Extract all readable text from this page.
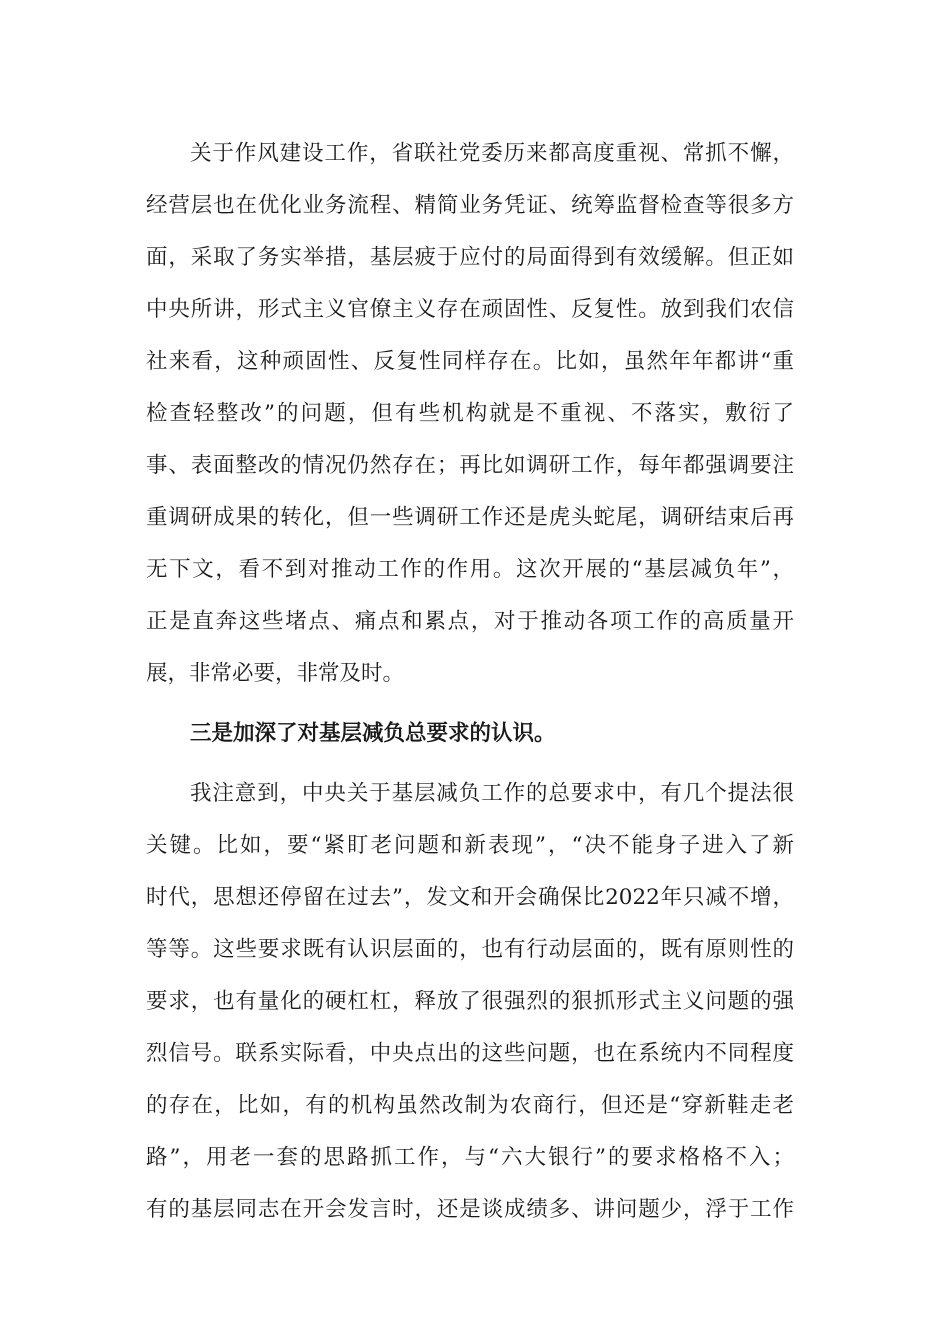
关于作风建设工作，省联社党委历来都高度重视、常抓不懈，
经营层也在优化业务流程、精简业务凭证、统筹监督检查等很多方
面，采取了务实举措，基层疲于应付的局面得到有效缓解。但正如
中央所讲，形式主义官僚主义存在顽固性、反复性。放到我们农信
社来看，这种顽固性、反复性同样存在。比如，虽然年年都讲“重
检查轻整改”的问题，但有些机构就是不重视、不落实，敷衍了
事、表面整改的情况仍然存在；再比如调研工作，每年都强调要注
重调研成果的转化，但一些调研工作还是虎头蛇尾，调研结束后再
无下文，看不到对推动工作的作用。这次开展的“基层减负年”，
正是直奔这些堵点、痛点和累点，对于推动各项工作的高质量开
展，非常必要，非常及时。
三是加深了对基层减负总要求的认识。
我注意到，中央关于基层减负工作的总要求中，有几个提法很
关键。比如，要“紧盯老问题和新表现”，“决不能身子进入了新
时代，思想还停留在过去”，发文和开会确保比2022年只减不增，
等等。这些要求既有认识层面的，也有行动层面的，既有原则性的
要求，也有量化的硬杠杠，释放了很强烈的狠抓形式主义问题的强
烈信号。联系实际看，中央点出的这些问题，也在系统内不同程度
的存在，比如，有的机构虽然改制为农商行，但还是“穿新鞋走老
路”，用老一套的思路抓工作，与“六大银行”的要求格格不入；
有的基层同志在开会发言时，还是谈成绩多、讲问题少，浮于工作
